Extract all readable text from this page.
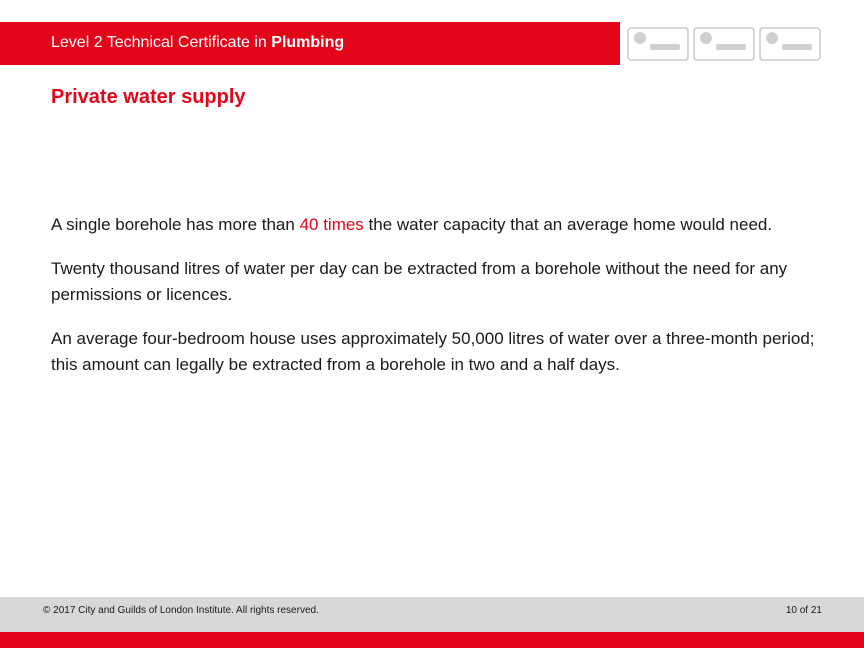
Level 2 Technical Certificate in Plumbing
Private water supply

A single borehole has more than 40 times the water capacity that an average home would need.

Twenty thousand litres of water per day can be extracted from a borehole without the need for any permissions or licences.

An average four-bedroom house uses approximately 50,000 litres of water over a three-month period; this amount can legally be extracted from a borehole in two and a half days.

© 2017 City and Guilds of London Institute. All rights reserved.	10 of 21
